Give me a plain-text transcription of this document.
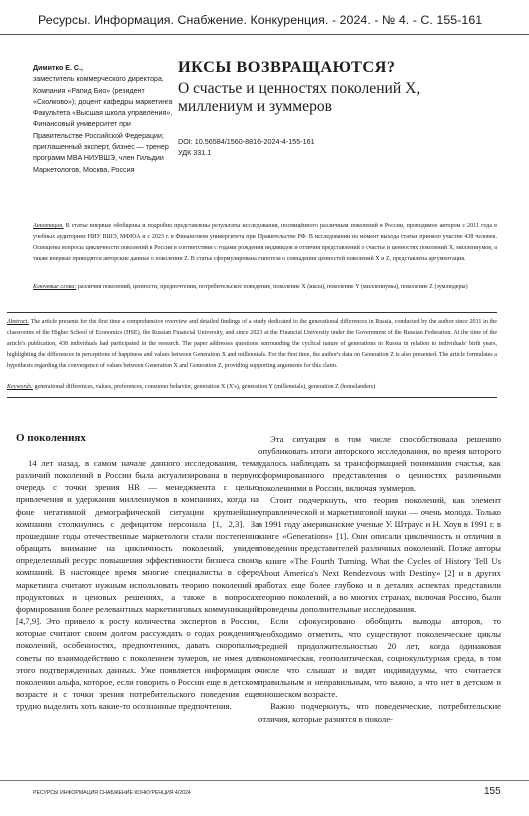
Ресурсы. Информация. Снабжение. Конкуренция. - 2024. - № 4. - С. 155-161
Димитко Е. С.,
заместитель коммерческого директора, Компания «Рапид Био» (резидент «Сколково»); доцент кафедры маркетинга Факультета «Высшая школа управления», Финансовый университет при Правительстве Российской Федерации; приглашенный эксперт, бизнес — тренер программ MBA НИУВШЭ, член Гильдии Маркетологов, Москва, Россия
ИКСЫ ВОЗВРАЩАЮТСЯ?
О счастье и ценностях поколений X, миллениум и зуммеров
DOI: 10.56584/1560-8816-2024-4-155-161
УДК 331.1
Аннотация. В статье впервые обобщены и подробно представлены результаты исследования, посвящённого различным поколений в России, проводимое автором с 2011 года в учебных аудиториях НИУ ВШЭ, МФЮА и с 2023 г. в Финансовом университета при Правительстве РФ. В исследовании на момент выхода статьи приняло участие 438 человек. Освещены вопросы цикличности поколений в России в соответствии с годами рождения индивидов и отличия представлений о счастье и ценностях поколений X, миллениумов, а также впервые приводятся авторские данные о поколении Z. В статье сформулирована гипотеза о совпадении ценностей поколений X и Z, представлена аргументация.
Ключевые слова: различия поколений, ценности, предпочтения, потребительское поведение, поколение X (иксы), поколение Y (миллениумы), поколение Z (зумлюдеры)
Abstract. The article presents for the first time a comprehensive overview and detailed findings of a study dedicated to the generational differences in Russia, conducted by the author since 2011 in the classrooms of the Higher School of Economics (HSE), the Russian Financial University, and since 2023 at the Financial University under the Government of the Russian Federation. At the time of the article's publication, 438 individuals had participated in the research. The paper addresses questions surrounding the cyclical nature of generations in Russia in relation to individuals' birth years, highlighting the differences in perceptions of happiness and values between Generation X and millennials. For the first time, the author's data on Generation Z is also presented. The article formulates a hypothesis regarding the convergence of values between Generation X and Generation Z, providing supporting arguments for this claim.
Keywords: generational differences, values, preferences, consumer behavior, generation X (X's), generation Y (millennials), generation Z (homelanders)
О поколениях

14 лет назад, в самом начале данного исследования, тема различий поколений в России была актуализирована в первую очередь с точки зрения HR — менеджмента с целью привлечения и удержания миллениумов в компаниях, когда на фоне негативной демографической ситуации крупнейшие компании столкнулись с дефицитом персонала [1, 2,3]. За прошедшие годы отечественные маркетологи стали постепенно обращать внимание на цикличность поколений, увидев определенный ресурс повышения эффективности бизнеса своих компаний. В настоящее время многие специалисты в сфере маркетинга считают нужным использовать теорию поколений в продуктовых и ценовых решениях, а также в вопросах формирования более релевантных маркетинговых коммуникаций [4,7,9]. Это привело к росту количества экспертов в России, которые считают своим долгом рассуждать о годах рождениях поколений, особенностях, предпочтениях, давать скоропалые советы по взаимодействию с поколением зумеров, не имея для этого подтвержденных данных. Уже появляется информация о поколении альфа, которое, если говорить о России еще в детском возрасте и с точки зрения потребительского поведения еще трудно выделить хоть какие-то осознанные предпочтения.

Эта ситуация в том числе способствовала решению опубликовать итоги авторского исследования, во время которого удалось наблюдать за трансформацией понимания счастья, как сформированного представления о ценностях различными поколениями в России, включая зуммеров.

Стоит подчеркнуть, что теория поколений, как элемент управленческой и маркетинговой науки — очень молода. Только в 1991 году американские ученые У. Штраус и Н. Хоув в 1991 г. в книге «Generations» [1]. Они описали цикличность и отличия в поведении представителей различных поколений. Позже авторы в книге «The Fourth Turning. What the Cycles of History Tell Us About America's Next Rendezvous with Destiny» [2] и в других работах еще более глубоко и в деталях аспектах представили теорию поколений, а во многих странах, включая Россию, были проведены дополнительные исследования.

Если сфокусировано обобщить выводы авторов, то необходимо отметить, что существуют поколенческие циклы средней продолжительностью 20 лет, когда одинаковая экономическая, геополитическая, социокультурная среда, в том числе что слышат и видят индивидуумы, что считается правильным и неправильным, что важно, а что нет в детском и юношеском возрасте.

Важно подчеркнуть, что поведенческие, потребительские отличия, которые разнятся в поколе-

РЕСУРСЫ ИНФОРМАЦИЯ СНАБЖЕНИЕ КОНКУРЕНЦИЯ 4/2024	155
